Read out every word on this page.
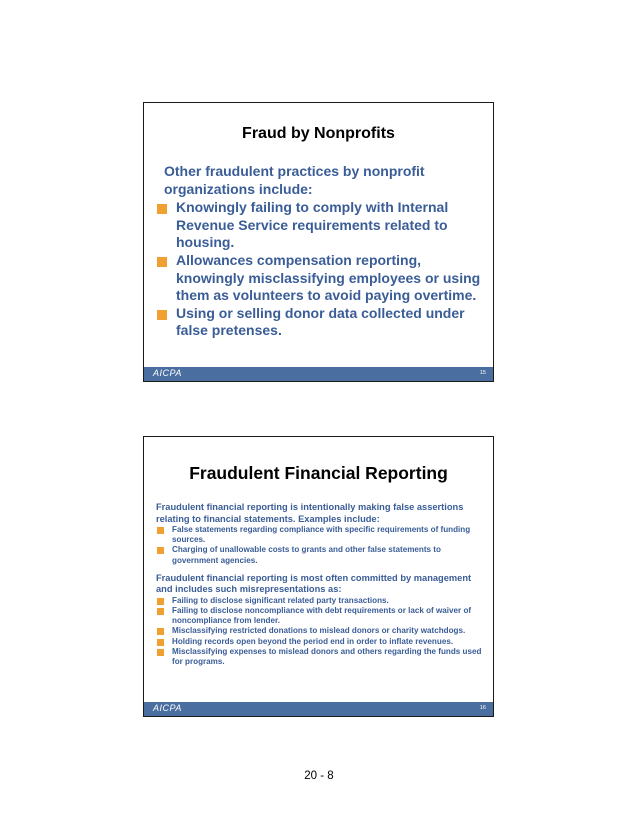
Fraud by Nonprofits

Other fraudulent practices by nonprofit organizations include:

Knowingly failing to comply with Internal Revenue Service requirements related to housing.

Allowances compensation reporting, knowingly misclassifying employees or using them as volunteers to avoid paying overtime.

Using or selling donor data collected under false pretenses.

AICPA	15
Fraudulent Financial Reporting

Fraudulent financial reporting is intentionally making false assertions relating to financial statements. Examples include:

False statements regarding compliance with specific requirements of funding sources.

Charging of unallowable costs to grants and other false statements to government agencies.

Fraudulent financial reporting is most often committed by management and includes such misrepresentations as:

Failing to disclose significant related party transactions.

Failing to disclose noncompliance with debt requirements or lack of waiver of noncompliance from lender.

Misclassifying restricted donations to mislead donors or charity watchdogs.

Holding records open beyond the period end in order to inflate revenues.

Misclassifying expenses to mislead donors and others regarding the funds used for programs.

AICPA	16
20 - 8
